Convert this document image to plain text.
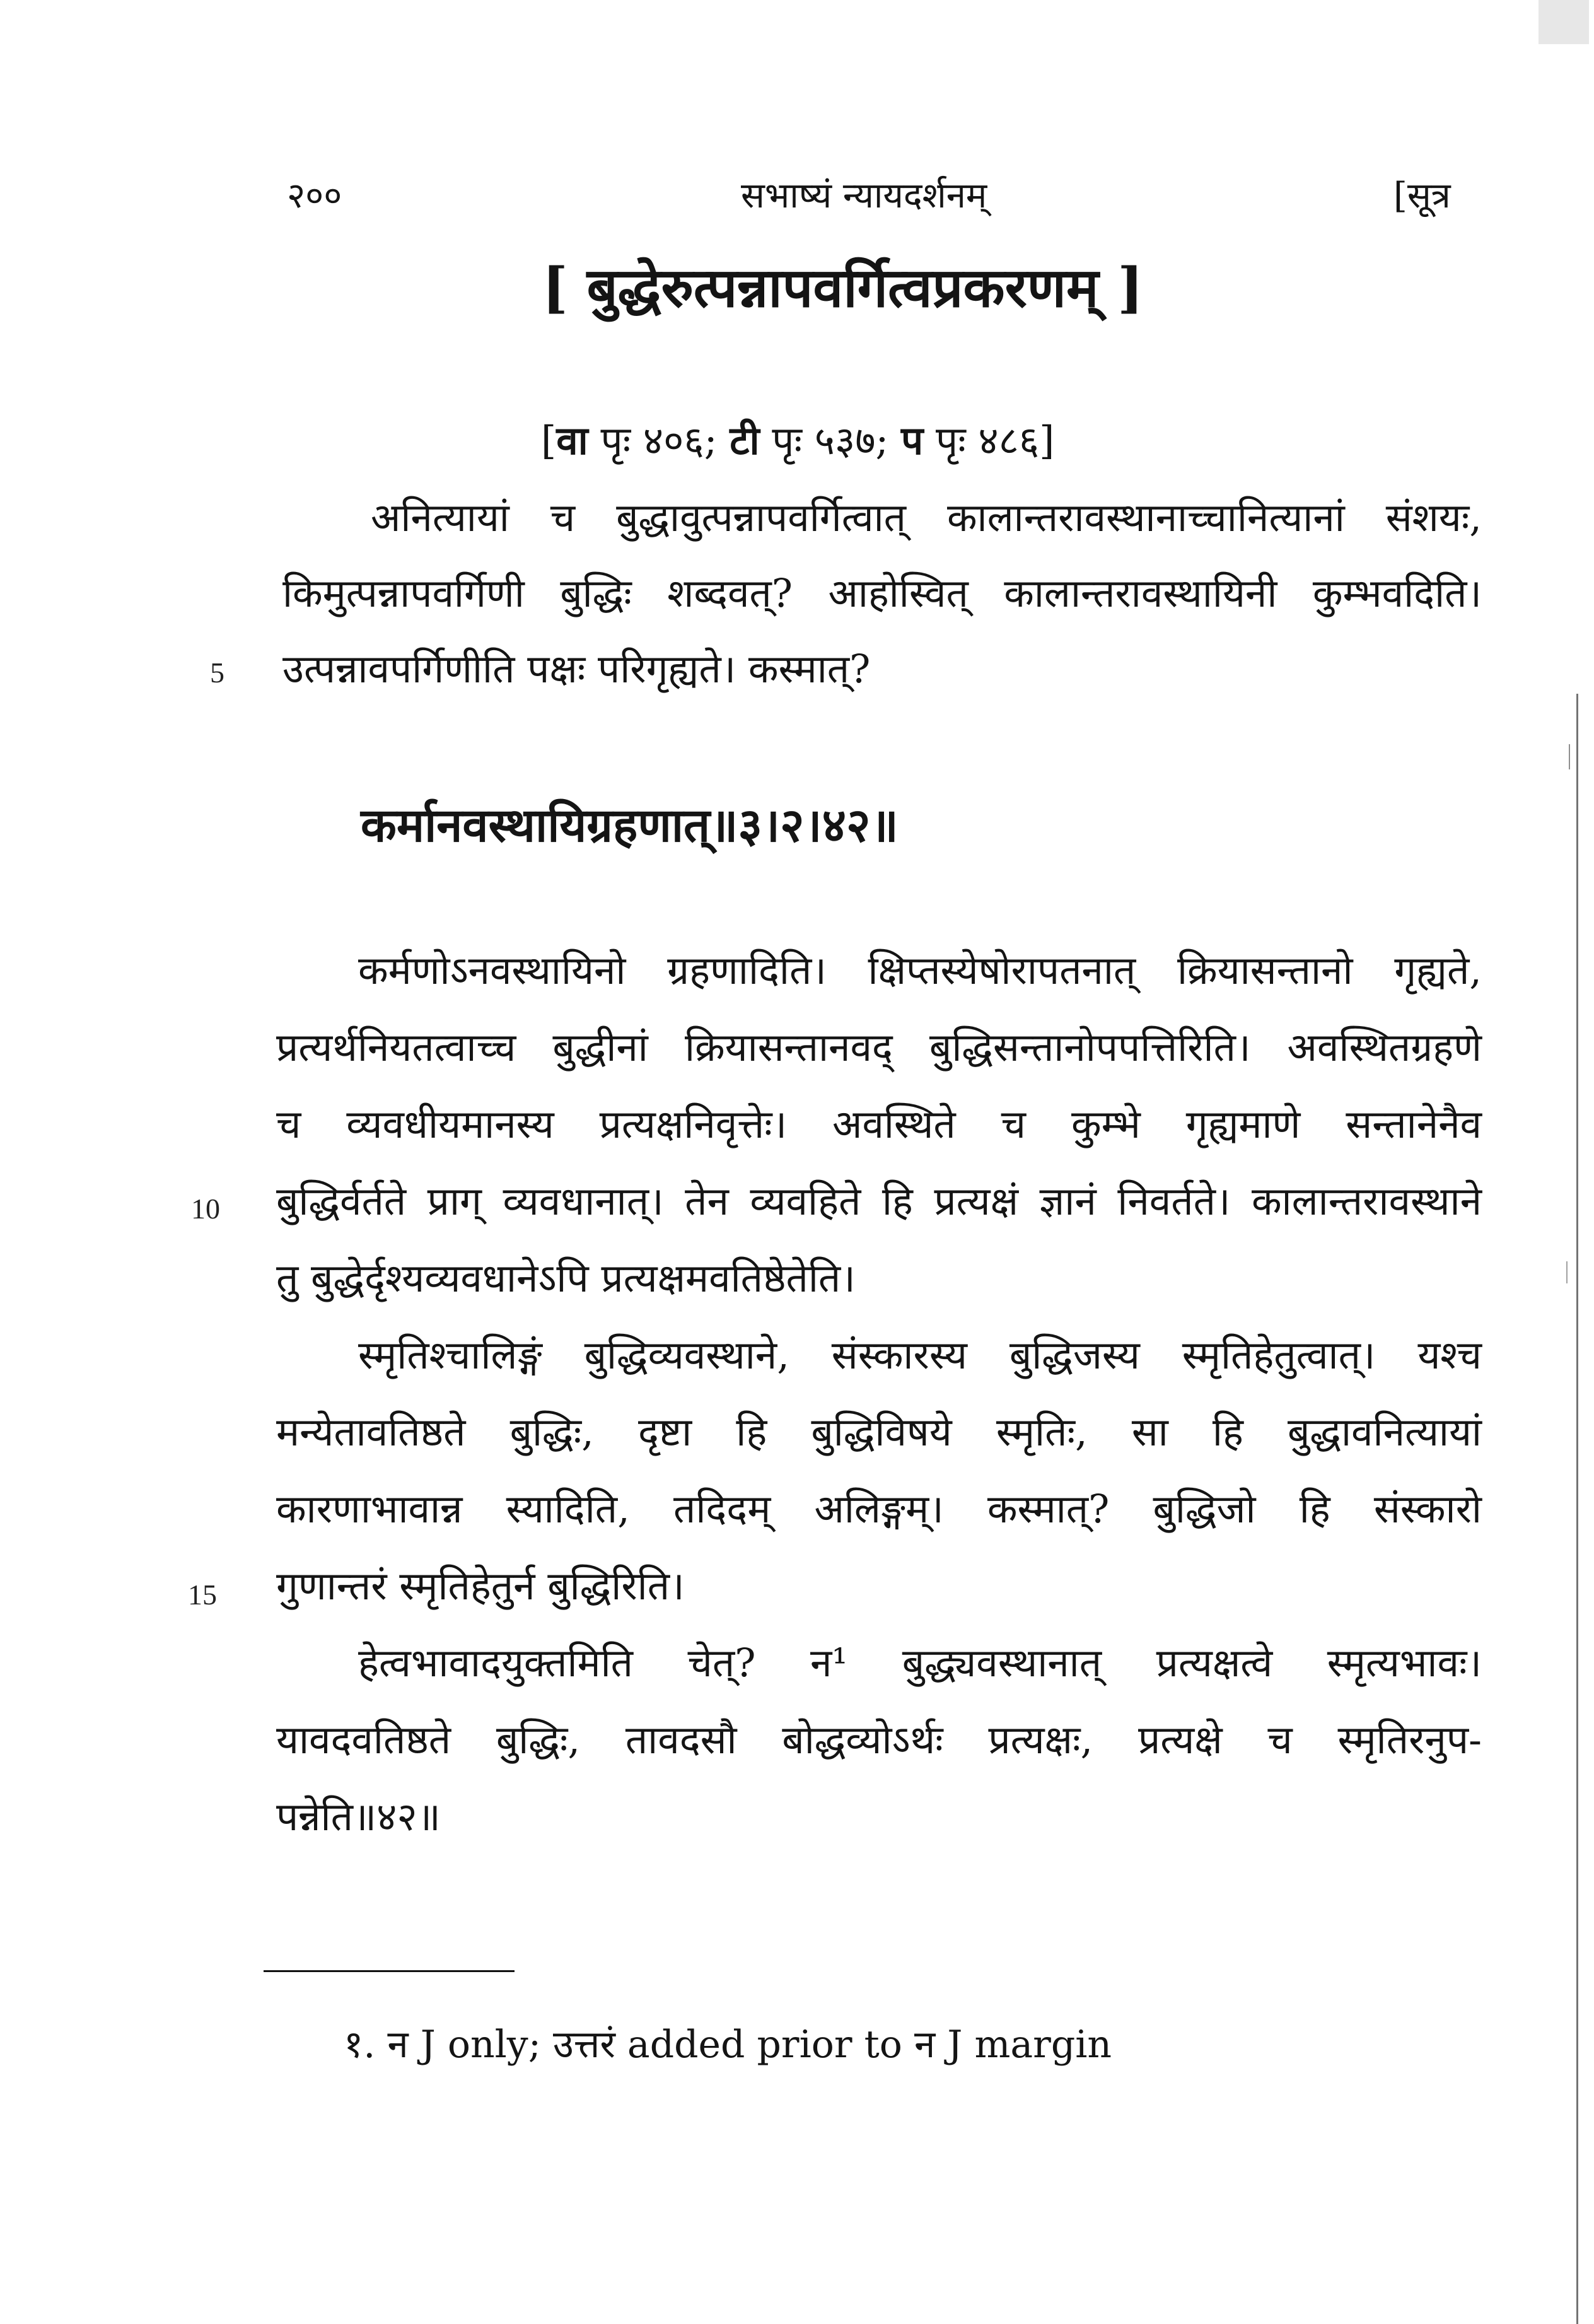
२००	सभाष्यं न्यायदर्शनम्	[सूत्र
[ बुद्धेरुत्पन्नापवर्गित्वप्रकरणम् ]
[वा पृः ४०६; टी पृः ५३७; प पृः ४८६]
अनित्यायां च बुद्धावुत्पन्नापवर्गित्वात् कालान्तरावस्थानाच्चानित्यानां संशयः,
किमुत्पन्नापवर्गिणी बुद्धिः शब्दवत्? आहोस्वित् कालान्तरावस्थायिनी कुम्भवदिति।
उत्पन्नावपर्गिणीति पक्षः परिगृह्यते। कस्मात्?
कर्मानवस्थायिग्रहणात्॥३।२।४२॥
कर्मणोऽनवस्थायिनो ग्रहणादिति। क्षिप्तस्येषोरापतनात् क्रियासन्तानो गृह्यते,
प्रत्यर्थनियतत्वाच्च बुद्धीनां क्रियासन्तानवद् बुद्धिसन्तानोपपत्तिरिति। अवस्थितग्रहणे
च व्यवधीयमानस्य प्रत्यक्षनिवृत्तेः। अवस्थिते च कुम्भे गृह्यमाणे सन्तानेनैव
बुद्धिर्वर्तते प्राग् व्यवधानात्। तेन व्यवहिते हि प्रत्यक्षं ज्ञानं निवर्तते। कालान्तरावस्थाने
तु बुद्धेर्दृश्यव्यवधानेऽपि प्रत्यक्षमवतिष्ठेतेति।
स्मृतिश्चालिङ्गं बुद्धिव्यवस्थाने, संस्कारस्य बुद्धिजस्य स्मृतिहेतुत्वात्। यश्च
मन्येतावतिष्ठते बुद्धिः, दृष्टा हि बुद्धिविषये स्मृतिः, सा हि बुद्धावनित्यायां
कारणाभावान्न स्यादिति, तदिदम् अलिङ्गम्। कस्मात्? बुद्धिजो हि संस्कारो
गुणान्तरं स्मृतिहेतुर्न बुद्धिरिति।
हेत्वभावादयुक्तमिति चेत्? न¹ बुद्ध्यवस्थानात् प्रत्यक्षत्वे स्मृत्यभावः।
यावदवतिष्ठते बुद्धिः, तावदसौ बोद्धव्योऽर्थः प्रत्यक्षः, प्रत्यक्षे च स्मृतिरनुप-
पन्नेति॥४२॥
5
10
15
१. न J only; उत्तरं added prior to न J margin
